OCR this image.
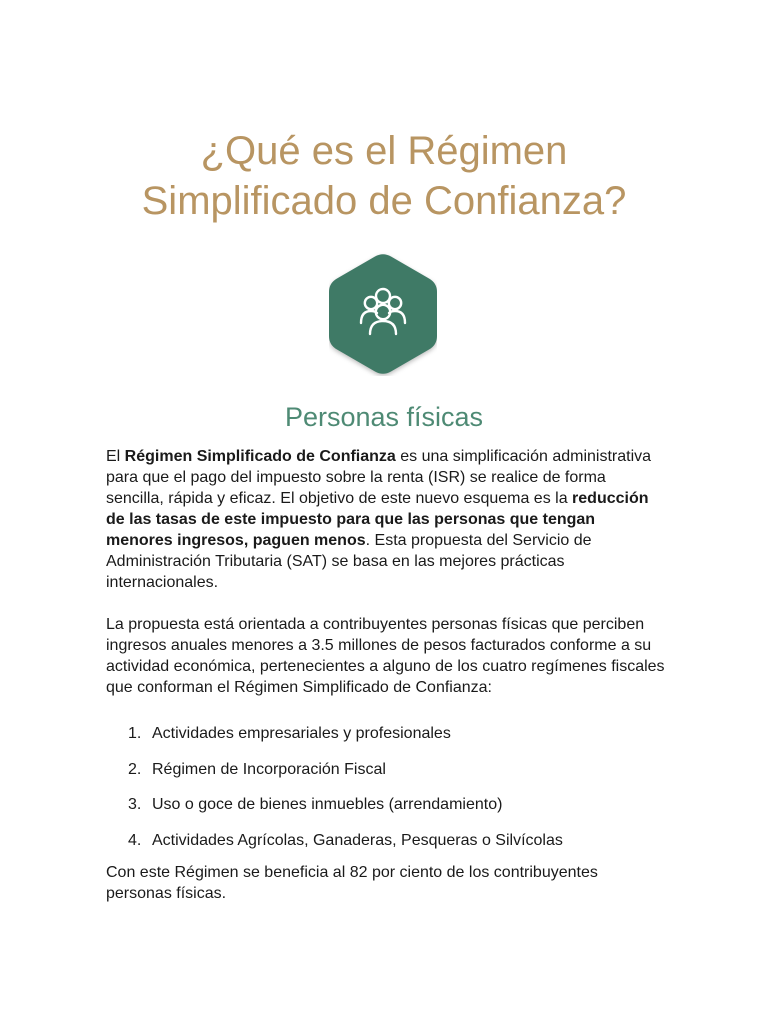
¿Qué es el Régimen
Simplificado de Confianza?
Personas físicas

El Régimen Simplificado de Confianza es una simplificación administrativa para que el pago del impuesto sobre la renta (ISR) se realice de forma sencilla, rápida y eficaz. El objetivo de este nuevo esquema es la reducción de las tasas de este impuesto para que las personas que tengan menores ingresos, paguen menos. Esta propuesta del Servicio de Administración Tributaria (SAT) se basa en las mejores prácticas internacionales.

La propuesta está orientada a contribuyentes personas físicas que perciben ingresos anuales menores a 3.5 millones de pesos facturados conforme a su actividad económica, pertenecientes a alguno de los cuatro regímenes fiscales que conforman el Régimen Simplificado de Confianza:

1. Actividades empresariales y profesionales
2. Régimen de Incorporación Fiscal
3. Uso o goce de bienes inmuebles (arrendamiento)
4. Actividades Agrícolas, Ganaderas, Pesqueras o Silvícolas

Con este Régimen se beneficia al 82 por ciento de los contribuyentes personas físicas.
